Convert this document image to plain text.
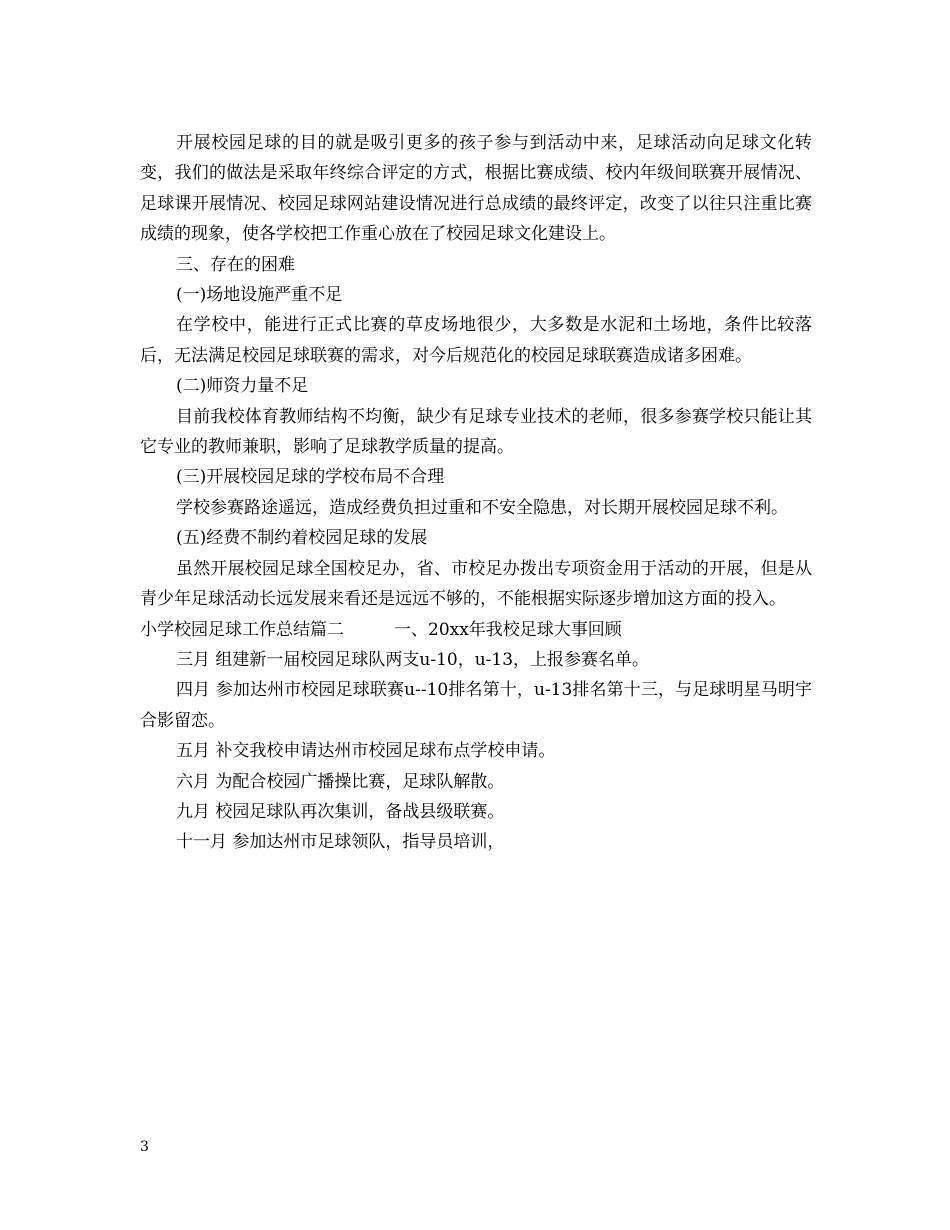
开展校园足球的目的就是吸引更多的孩子参与到活动中来，足球活动向足球文化转变，我们的做法是采取年终综合评定的方式，根据比赛成绩、校内年级间联赛开展情况、足球课开展情况、校园足球网站建设情况进行总成绩的最终评定，改变了以往只注重比赛成绩的现象，使各学校把工作重心放在了校园足球文化建设上。

三、存在的困难

(一)场地设施严重不足

在学校中，能进行正式比赛的草皮场地很少，大多数是水泥和土场地，条件比较落后，无法满足校园足球联赛的需求，对今后规范化的校园足球联赛造成诸多困难。

(二)师资力量不足

目前我校体育教师结构不均衡，缺少有足球专业技术的老师，很多参赛学校只能让其它专业的教师兼职，影响了足球教学质量的提高。

(三)开展校园足球的学校布局不合理

学校参赛路途遥远，造成经费负担过重和不安全隐患，对长期开展校园足球不利。

(五)经费不制约着校园足球的发展

虽然开展校园足球全国校足办，省、市校足办拨出专项资金用于活动的开展，但是从青少年足球活动长远发展来看还是远远不够的，不能根据实际逐步增加这方面的投入。

小学校园足球工作总结篇二	一、20xx年我校足球大事回顾

三月 组建新一届校园足球队两支u-10，u-13，上报参赛名单。

四月 参加达州市校园足球联赛u--10排名第十，u-13排名第十三，与足球明星马明宇合影留恋。

五月 补交我校申请达州市校园足球布点学校申请。

六月 为配合校园广播操比赛，足球队解散。

九月 校园足球队再次集训，备战县级联赛。

十一月 参加达州市足球领队，指导员培训，

3
